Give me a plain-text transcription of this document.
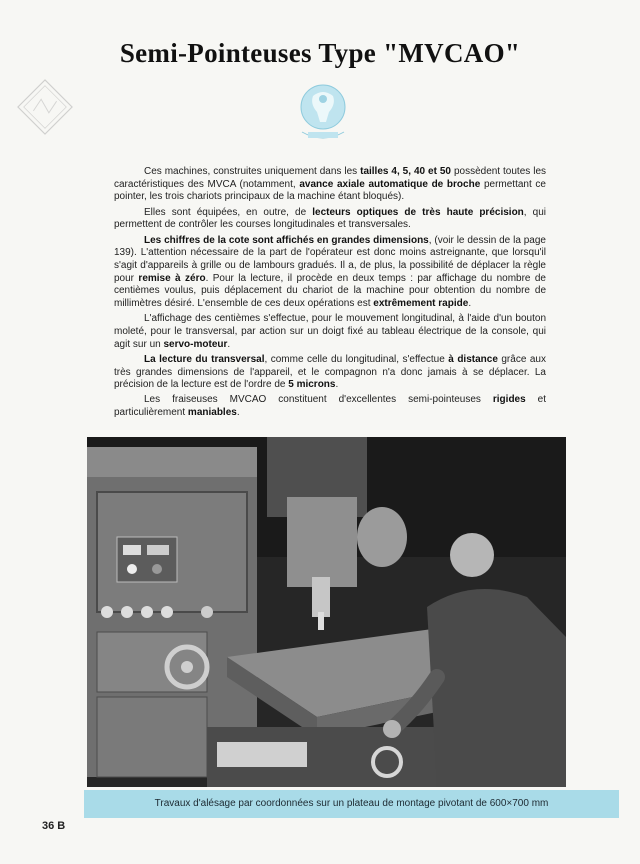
Semi-Pointeuses Type "MVCAO"

Ces machines, construites uniquement dans les tailles 4, 5, 40 et 50 possèdent toutes les caractéristiques des MVCA (notamment, avance axiale automatique de broche permettant ce pointer, les trois chariots principaux de la machine étant bloqués).

Elles sont équipées, en outre, de lecteurs optiques de très haute précision, qui permettent de contrôler les courses longitudinales et transversales.

Les chiffres de la cote sont affichés en grandes dimensions, (voir le dessin de la page 139). L'attention nécessaire de la part de l'opérateur est donc moins astreignante, que lorsqu'il s'agit d'appareils à grille ou de lambours gradués. Il a, de plus, la possibilité de déplacer la règle pour remise à zéro. Pour la lecture, il procède en deux temps : par affichage du nombre de centièmes voulus, puis déplacement du chariot de la machine pour obtention du nombre de millimètres désiré. L'ensemble de ces deux opérations est extrêmement rapide.

L'affichage des centièmes s'effectue, pour le mouvement longitudinal, à l'aide d'un bouton moleté, pour le transversal, par action sur un doigt fixé au tableau électrique de la console, qui agit sur un servo-moteur.

La lecture du transversal, comme celle du longitudinal, s'effectue à distance grâce aux très grandes dimensions de l'appareil, et le compagnon n'a donc jamais à se déplacer. La précision de la lecture est de l'ordre de 5 microns.

Les fraiseuses MVCAO constituent d'excellentes semi-pointeuses rigides et particulièrement maniables.

Travaux d'alésage par coordonnées sur un plateau de montage pivotant de 600×700 mm
36 B
